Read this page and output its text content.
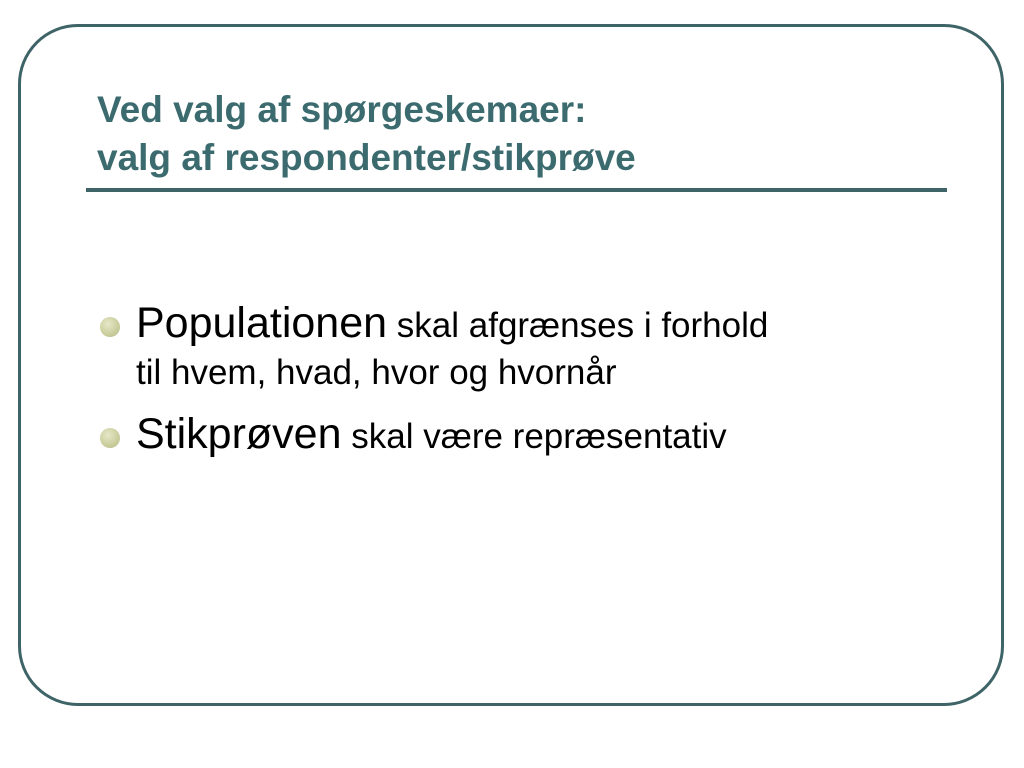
Ved valg af spørgeskemaer:
valg af respondenter/stikprøve
Populationen skal afgrænses i forhold
til hvem, hvad, hvor og hvornår
Stikprøven skal være repræsentativ
